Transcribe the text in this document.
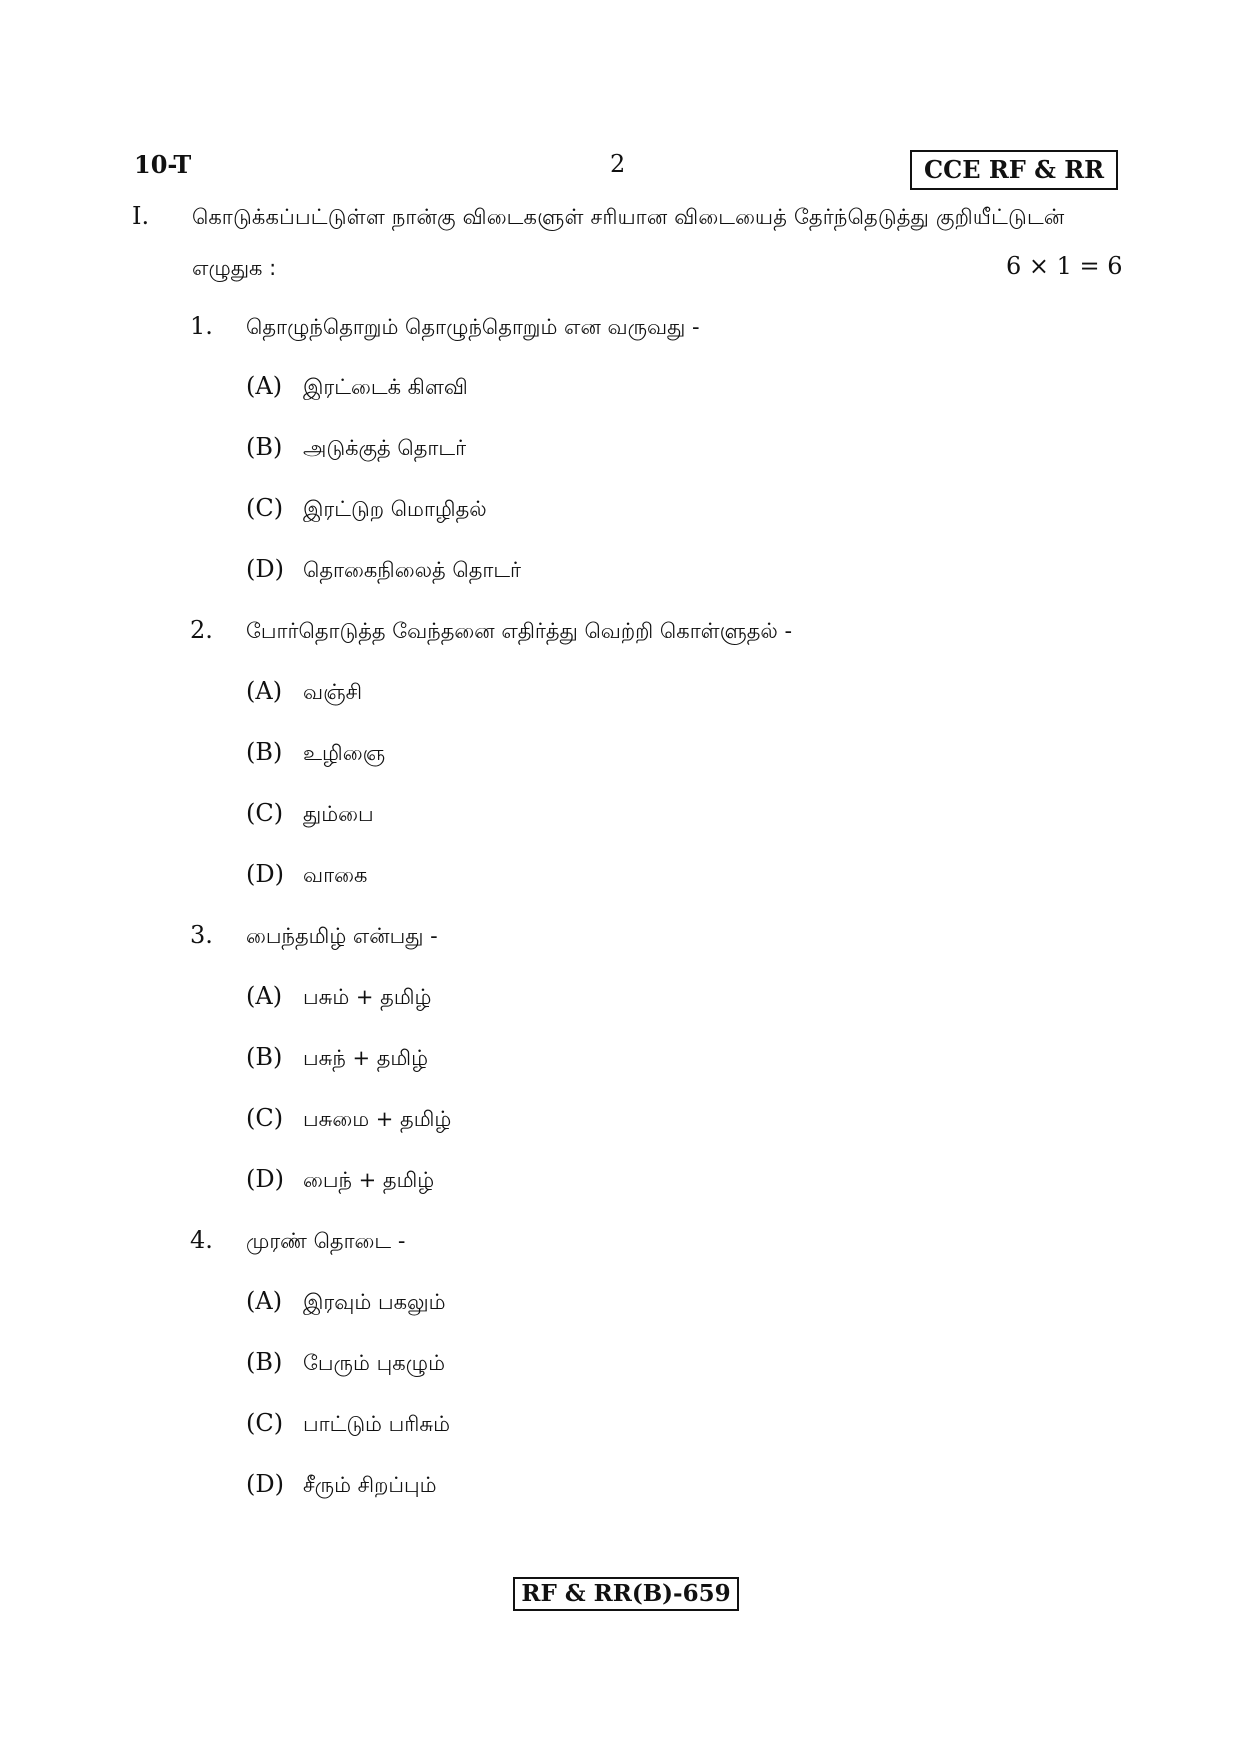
10-T	2	CCE RF & RR
I. கொடுக்கப்பட்டுள்ள நான்கு விடைகளுள் சரியான விடையைத் தேர்ந்தெடுத்து குறியீட்டுடன்
எழுதுக :	6 × 1 = 6
1. தொழுந்தொறும் தொழுந்தொறும் என வருவது -
(A) இரட்டைக் கிளவி
(B) அடுக்குத் தொடர்
(C) இரட்டுற மொழிதல்
(D) தொகைநிலைத் தொடர்
2. போர்தொடுத்த வேந்தனை எதிர்த்து வெற்றி கொள்ளுதல் -
(A) வஞ்சி
(B) உழிஞை
(C) தும்பை
(D) வாகை
3. பைந்தமிழ் என்பது -
(A) பசும் + தமிழ்
(B) பசுந் + தமிழ்
(C) பசுமை + தமிழ்
(D) பைந் + தமிழ்
4. முரண் தொடை -
(A) இரவும் பகலும்
(B) பேரும் புகழும்
(C) பாட்டும் பரிசும்
(D) சீரும் சிறப்பும்
RF & RR(B)-659
